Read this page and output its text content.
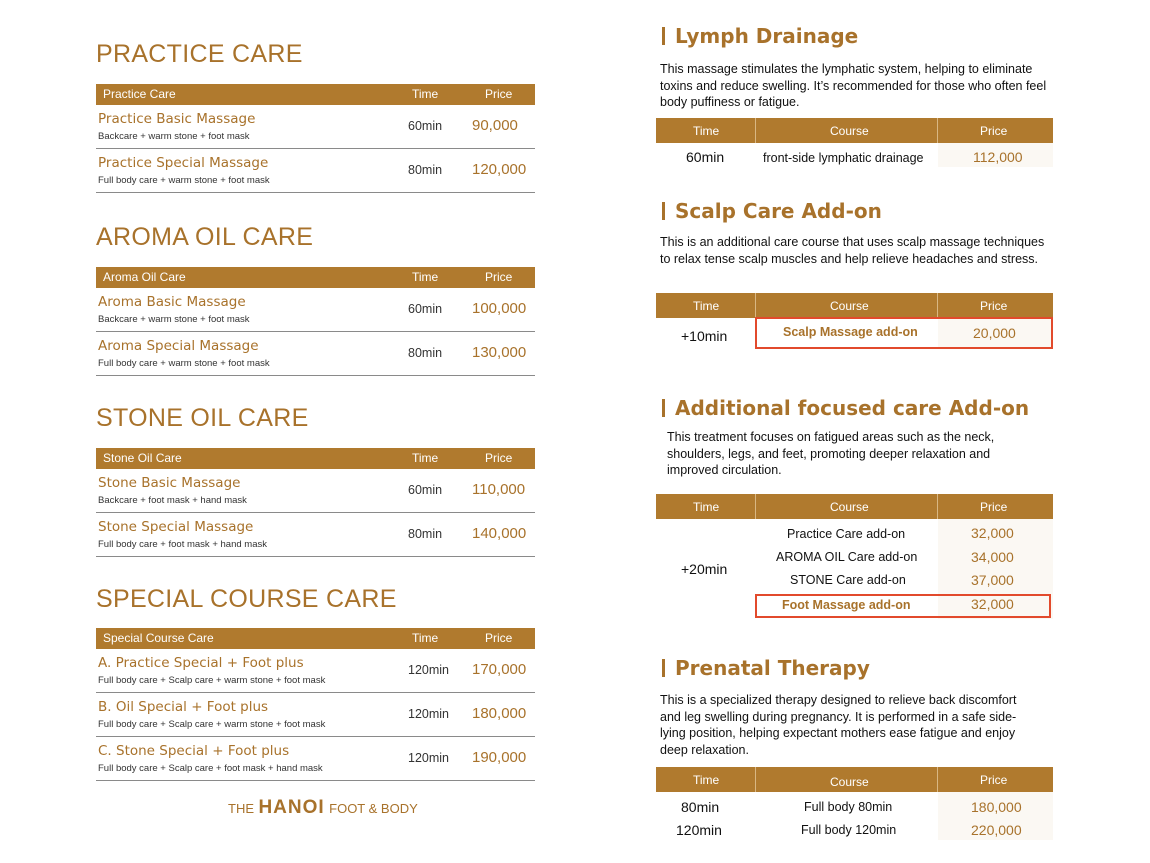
PRACTICE CARE
Practice Care	Time	Price
Practice Basic Massage
Backcare + warm stone + foot mask
60min 90,000
Practice Special Massage
Full body care + warm stone + foot mask
80min 120,000
AROMA OIL CARE
Aroma Oil Care	Time	Price
Aroma Basic Massage
Backcare + warm stone + foot mask
60min 100,000
Aroma Special Massage
Full body care + warm stone + foot mask
80min 130,000
STONE OIL CARE
Stone Oil Care	Time	Price
Stone Basic Massage
Backcare + foot mask + hand mask
60min 110,000
Stone Special Massage
Full body care + foot mask + hand mask
80min 140,000
SPECIAL COURSE CARE
Special Course Care	Time	Price
A. Practice Special + Foot plus
Full body care + Scalp care + warm stone + foot mask
120min 170,000
B. Oil Special + Foot plus
Full body care + Scalp care + warm stone + foot mask
120min 180,000
C. Stone Special + Foot plus
Full body care + Scalp care + foot mask + hand mask
120min 190,000
THE HANOI FOOT & BODY
Lymph Drainage
This massage stimulates the lymphatic system, helping to eliminate toxins and reduce swelling. It’s recommended for those who often feel body puffiness or fatigue.
Time	Course	Price
60min	front-side lymphatic drainage	112,000
Scalp Care Add-on
This is an additional care course that uses scalp massage techniques to relax tense scalp muscles and help relieve headaches and stress.
Time	Course	Price
+10min	Scalp Massage add-on	20,000
Additional focused care Add-on
This treatment focuses on fatigued areas such as the neck, shoulders, legs, and feet, promoting deeper relaxation and improved circulation.
Time	Course	Price
+20min
Practice Care add-on	32,000
AROMA OIL Care add-on	34,000
STONE Care add-on	37,000
Foot Massage add-on	32,000
Prenatal Therapy
This is a specialized therapy designed to relieve back discomfort and leg swelling during pregnancy. It is performed in a safe side-lying position, helping expectant mothers ease fatigue and enjoy deep relaxation.
Time	Course	Price
80min	Full body 80min	180,000
120min	Full body 120min	220,000
